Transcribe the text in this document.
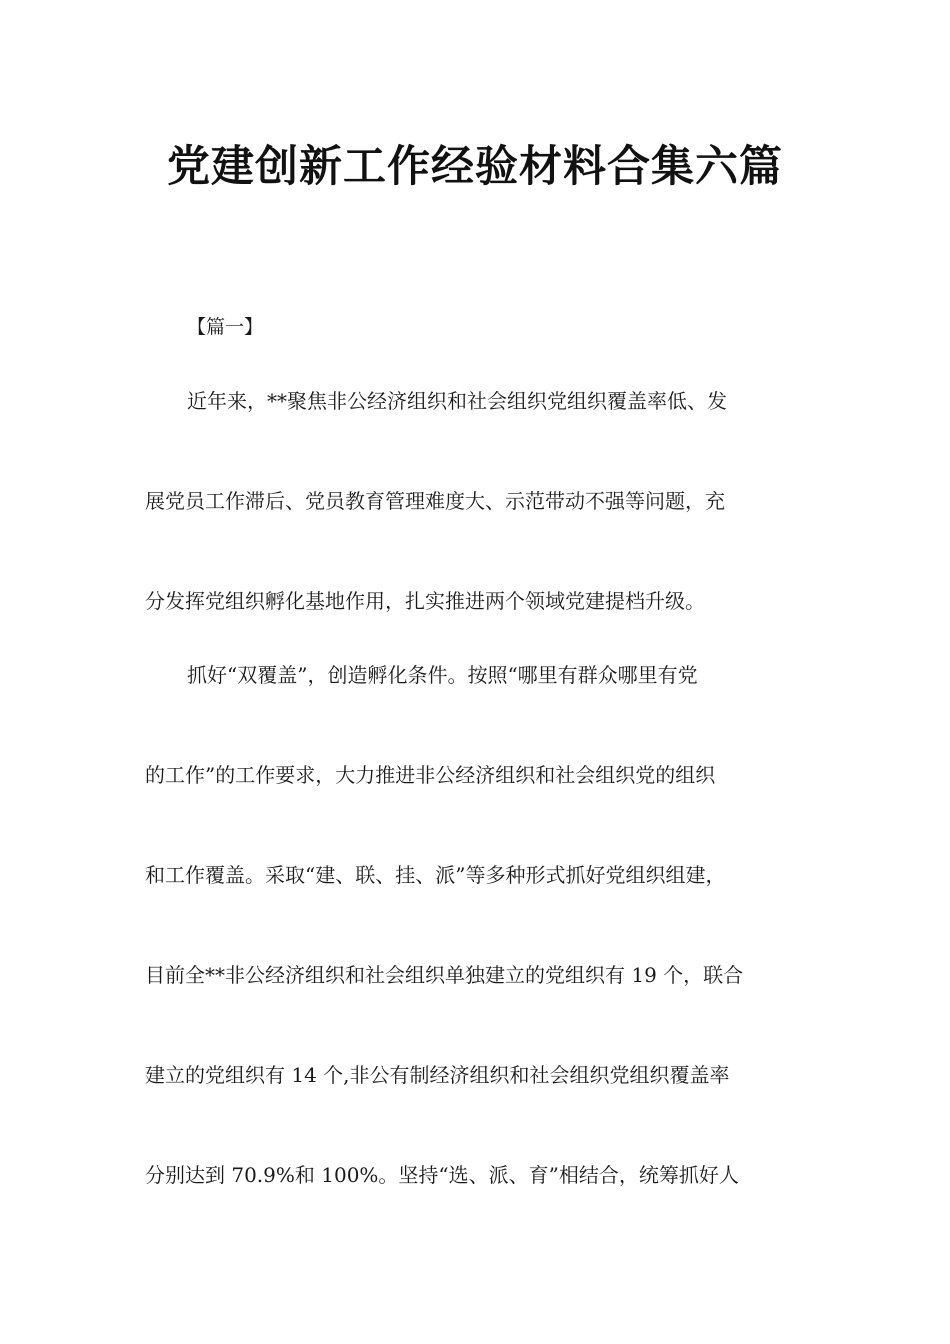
党建创新工作经验材料合集六篇

【篇一】

近年来，**聚焦非公经济组织和社会组织党组织覆盖率低、发

展党员工作滞后、党员教育管理难度大、示范带动不强等问题，充

分发挥党组织孵化基地作用，扎实推进两个领域党建提档升级。

抓好“双覆盖”，创造孵化条件。按照“哪里有群众哪里有党

的工作”的工作要求，大力推进非公经济组织和社会组织党的组织

和工作覆盖。采取“建、联、挂、派”等多种形式抓好党组织组建，

目前全**非公经济组织和社会组织单独建立的党组织有 19 个，联合

建立的党组织有 14 个,非公有制经济组织和社会组织党组织覆盖率

分别达到 70.9%和 100%。坚持“选、派、育”相结合，统筹抓好人
